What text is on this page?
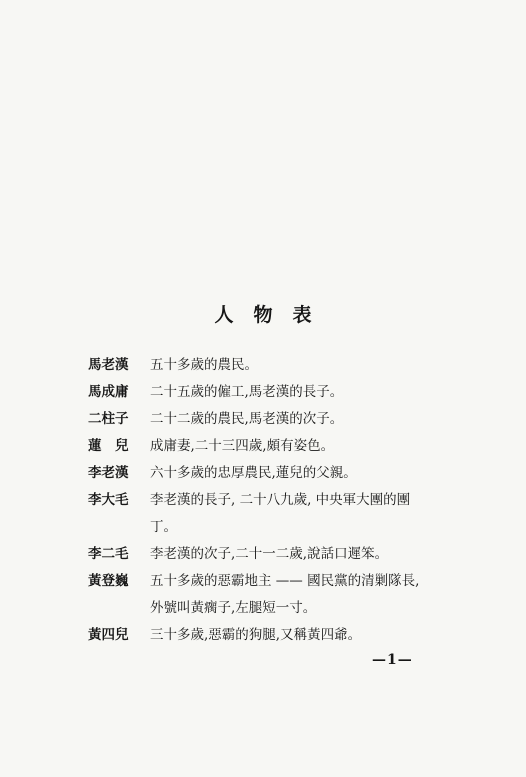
人物表
馬老漢	五十多歲的農民。
馬成庸	二十五歲的僱工,馬老漢的長子。
二柱子	二十二歲的農民,馬老漢的次子。
蓮　兒	成庸妻,二十三四歲,頗有姿色。
李老漢	六十多歲的忠厚農民,蓮兒的父親。
李大毛	李老漢的長子, 二十八九歲, 中央軍大團的團
丁。
李二毛	李老漢的次子,二十一二歲,說話口遲笨。
黃登巍	五十多歲的惡霸地主 —— 國民黨的清剿隊長,
外號叫黃瘸子,左腿短一寸。
黃四兒	三十多歲,惡霸的狗腿,又稱黃四爺。
—1—
